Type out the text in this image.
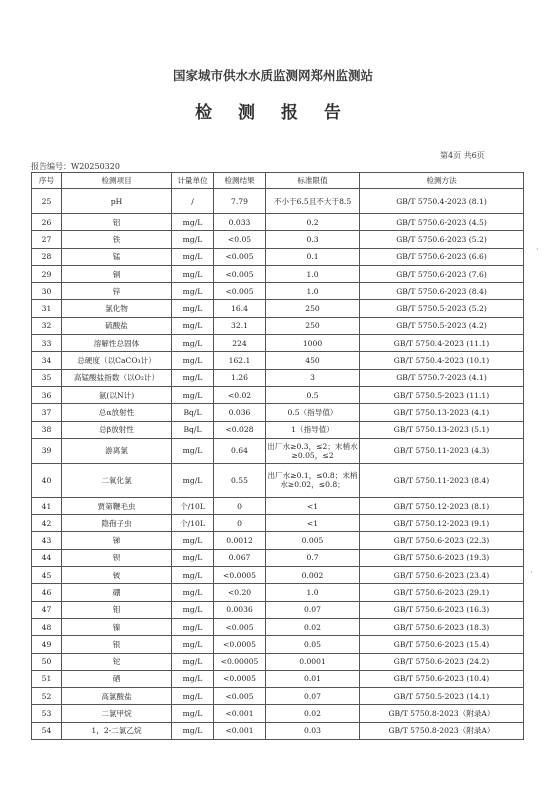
国家城市供水水质监测网郑州监测站
检 测 报 告
第4页 共6页
报告编号：W20250320
·
·
序号	检测项目	计量单位	检测结果	标准限值	检测方法
25	pH	/	7.79	不小于6.5且不大于8.5	GB/T 5750.4-2023 (8.1)
26	铝	mg/L	0.033	0.2	GB/T 5750.6-2023 (4.5)
27	铁	mg/L	<0.05	0.3	GB/T 5750.6-2023 (5.2)
28	锰	mg/L	<0.005	0.1	GB/T 5750.6-2023 (6.6)
29	铜	mg/L	<0.005	1.0	GB/T 5750.6-2023 (7.6)
30	锌	mg/L	<0.005	1.0	GB/T 5750.6-2023 (8.4)
31	氯化物	mg/L	16.4	250	GB/T 5750.5-2023 (5.2)
32	硫酸盐	mg/L	32.1	250	GB/T 5750.5-2023 (4.2)
33	溶解性总固体	mg/L	224	1000	GB/T 5750.4-2023 (11.1)
34	总硬度（以CaCO₃计）	mg/L	162.1	450	GB/T 5750.4-2023 (10.1)
35	高锰酸盐指数（以O₂计）	mg/L	1.26	3	GB/T 5750.7-2023 (4.1)
36	氨(以N计)	mg/L	<0.02	0.5	GB/T 5750.5-2023 (11.1)
37	总α放射性	Bq/L	0.036	0.5（指导值）	GB/T 5750.13-2023 (4.1)
38	总β放射性	Bq/L	<0.028	1（指导值）	GB/T 5750.13-2023 (5.1)
39	游离氯	mg/L	0.64	出厂水≥0.3，≤2；末梢水≥0.05，≤2	GB/T 5750.11-2023 (4.3)
40	二氧化氯	mg/L	0.55	出厂水≥0.1，≤0.8；末梢水≥0.02，≤0.8；	GB/T 5750.11-2023 (8.4)
41	贾第鞭毛虫	个/10L	0	<1	GB/T 5750.12-2023 (8.1)
42	隐孢子虫	个/10L	0	<1	GB/T 5750.12-2023 (9.1)
43	锑	mg/L	0.0012	0.005	GB/T 5750.6-2023 (22.3)
44	钡	mg/L	0.067	0.7	GB/T 5750.6-2023 (19.3)
45	铍	mg/L	<0.0005	0.002	GB/T 5750.6-2023 (23.4)
46	硼	mg/L	<0.20	1.0	GB/T 5750.6-2023 (29.1)
47	钼	mg/L	0.0036	0.07	GB/T 5750.6-2023 (16.3)
48	镍	mg/L	<0.005	0.02	GB/T 5750.6-2023 (18.3)
49	银	mg/L	<0.0005	0.05	GB/T 5750.6-2023 (15.4)
50	铊	mg/L	<0.00005	0.0001	GB/T 5750.6-2023 (24.2)
51	硒	mg/L	<0.0005	0.01	GB/T 5750.6-2023 (10.4)
52	高氯酸盐	mg/L	<0.005	0.07	GB/T 5750.5-2023 (14.1)
53	二氯甲烷	mg/L	<0.001	0.02	GB/T 5750.8-2023（附录A）
54	1，2-二氯乙烷	mg/L	<0.001	0.03	GB/T 5750.8-2023（附录A）
